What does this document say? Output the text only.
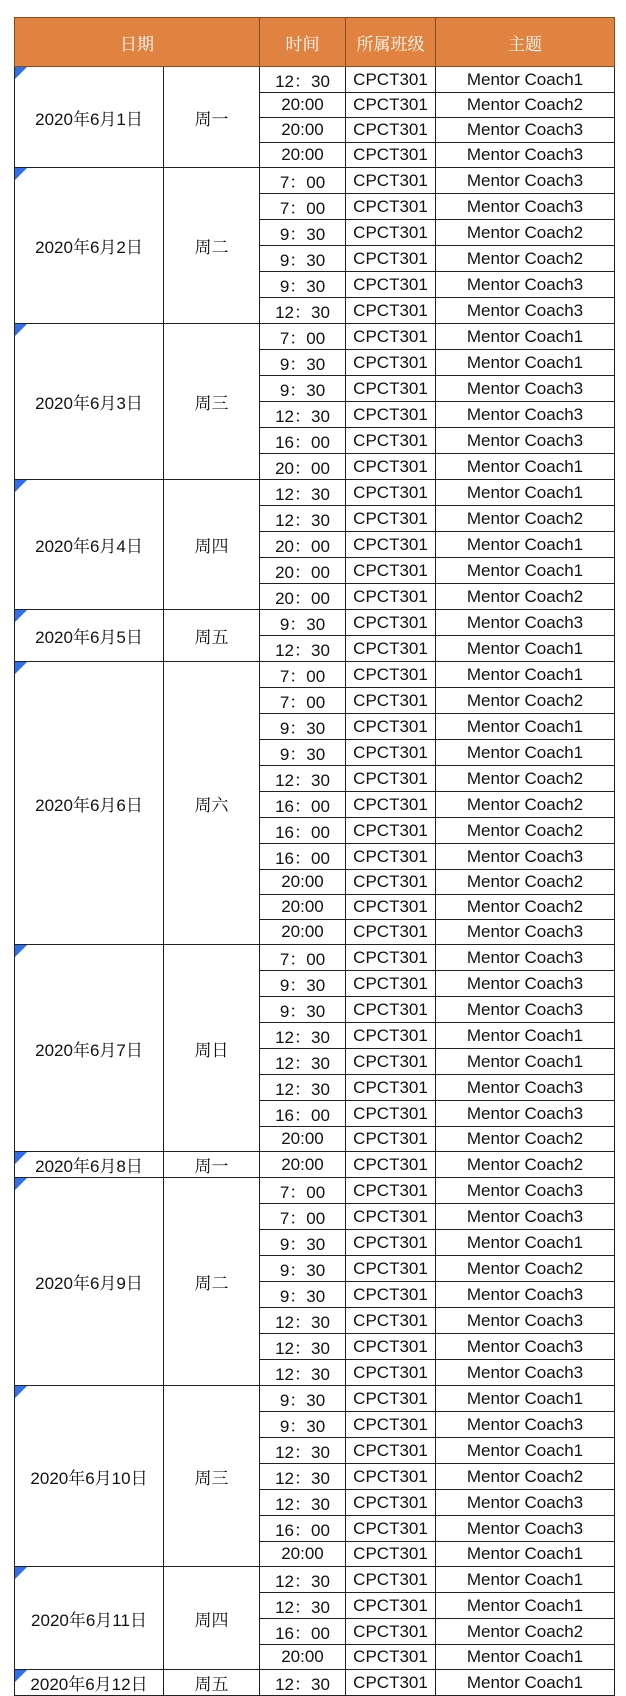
日期		时间	所属班级	主题

2020年6月1日	周一	12：30	CPCT301	Mentor Coach1
		20:00	CPCT301	Mentor Coach2
		20:00	CPCT301	Mentor Coach3
		20:00	CPCT301	Mentor Coach3

2020年6月2日	周二	7：00	CPCT301	Mentor Coach3
		7：00	CPCT301	Mentor Coach3
		9：30	CPCT301	Mentor Coach2
		9：30	CPCT301	Mentor Coach2
		9：30	CPCT301	Mentor Coach3
		12：30	CPCT301	Mentor Coach3

2020年6月3日	周三	7：00	CPCT301	Mentor Coach1
		9：30	CPCT301	Mentor Coach1
		9：30	CPCT301	Mentor Coach3
		12：30	CPCT301	Mentor Coach3
		16：00	CPCT301	Mentor Coach3
		20：00	CPCT301	Mentor Coach1

2020年6月4日	周四	12：30	CPCT301	Mentor Coach1
		12：30	CPCT301	Mentor Coach2
		20：00	CPCT301	Mentor Coach1
		20：00	CPCT301	Mentor Coach1
		20：00	CPCT301	Mentor Coach2

2020年6月5日	周五	9：30	CPCT301	Mentor Coach3
		12：30	CPCT301	Mentor Coach1

2020年6月6日	周六	7：00	CPCT301	Mentor Coach1
		7：00	CPCT301	Mentor Coach2
		9：30	CPCT301	Mentor Coach1
		9：30	CPCT301	Mentor Coach1
		12：30	CPCT301	Mentor Coach2
		16：00	CPCT301	Mentor Coach2
		16：00	CPCT301	Mentor Coach2
		16：00	CPCT301	Mentor Coach3
		20:00	CPCT301	Mentor Coach2
		20:00	CPCT301	Mentor Coach2
		20:00	CPCT301	Mentor Coach3

2020年6月7日	周日	7：00	CPCT301	Mentor Coach3
		9：30	CPCT301	Mentor Coach3
		9：30	CPCT301	Mentor Coach3
		12：30	CPCT301	Mentor Coach1
		12：30	CPCT301	Mentor Coach1
		12：30	CPCT301	Mentor Coach3
		16：00	CPCT301	Mentor Coach3
		20:00	CPCT301	Mentor Coach2

2020年6月8日	周一	20:00	CPCT301	Mentor Coach2

2020年6月9日	周二	7：00	CPCT301	Mentor Coach3
		7：00	CPCT301	Mentor Coach3
		9：30	CPCT301	Mentor Coach1
		9：30	CPCT301	Mentor Coach2
		9：30	CPCT301	Mentor Coach3
		12：30	CPCT301	Mentor Coach3
		12：30	CPCT301	Mentor Coach3
		12：30	CPCT301	Mentor Coach3

2020年6月10日	周三	9：30	CPCT301	Mentor Coach1
		9：30	CPCT301	Mentor Coach3
		12：30	CPCT301	Mentor Coach1
		12：30	CPCT301	Mentor Coach2
		12：30	CPCT301	Mentor Coach3
		16：00	CPCT301	Mentor Coach3
		20:00	CPCT301	Mentor Coach1

2020年6月11日	周四	12：30	CPCT301	Mentor Coach1
		12：30	CPCT301	Mentor Coach1
		16：00	CPCT301	Mentor Coach2
		20:00	CPCT301	Mentor Coach1

2020年6月12日	周五	12：30	CPCT301	Mentor Coach1
